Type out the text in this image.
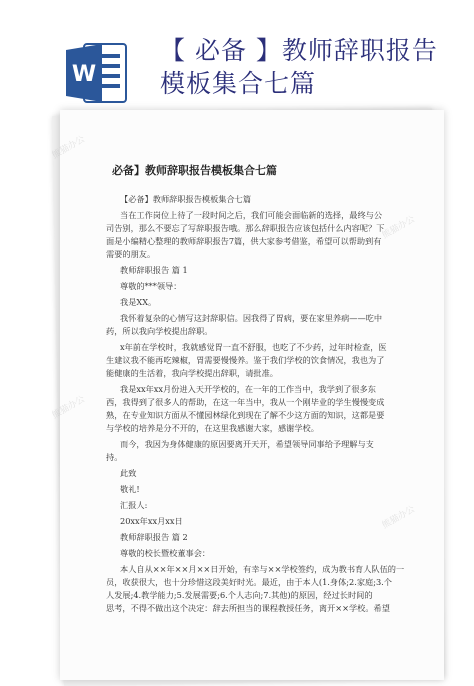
W
【 必备 】教师辞职报告
模板集合七篇
熊猫办公
熊猫办公
熊猫办公
熊猫办公
必备】教师辞职报告模板集合七篇
【必备】教师辞职报告模板集合七篇
当在工作岗位上待了一段时间之后，我们可能会面临新的选择，最终与公
司告别，那么不要忘了写辞职报告哦。那么辞职报告应该包括什么内容呢？下
面是小编精心整理的教师辞职报告7篇，供大家参考借鉴，希望可以帮助到有
需要的朋友。
教师辞职报告 篇 1
尊敬的***领导：
我是XX。
我怀着复杂的心情写这封辞职信。因我得了胃病，要在家里养病——吃中
药，所以我向学校提出辞职。
x年前在学校时，我就感觉胃一直不舒服，也吃了不少药，过年时检查，医
生建议我不能再吃辣椒，胃需要慢慢养。鉴于我们学校的饮食情况，我也为了
能健康的生活着，我向学校提出辞职，请批准。
我是xx年xx月份进入天开学校的，在一年的工作当中，我学到了很多东
西，我得到了很多人的帮助，在这一年当中，我从一个刚毕业的学生慢慢变成
熟，在专业知识方面从不懂园林绿化到现在了解不少这方面的知识，这都是要
与学校的培养是分不开的，在这里我感谢大家，感谢学校。
而今，我因为身体健康的原因要离开天开，希望领导同事给予理解与支
持。
此致
敬礼!
汇报人:
20xx年xx月xx日
教师辞职报告 篇 2
尊敬的校长暨校董事会：
本人自从××年××月××日开始，有幸与××学校签约，成为教书育人队伍的一
员，收获很大，也十分珍惜这段美好时光。最近，由于本人(1.身体;2.家庭;3.个
人发展;4.教学能力;5.发展需要;6.个人志向;7.其他)的原因，经过长时间的
思考，不得不做出这个决定：辞去所担当的课程教授任务，离开××学校。希望
